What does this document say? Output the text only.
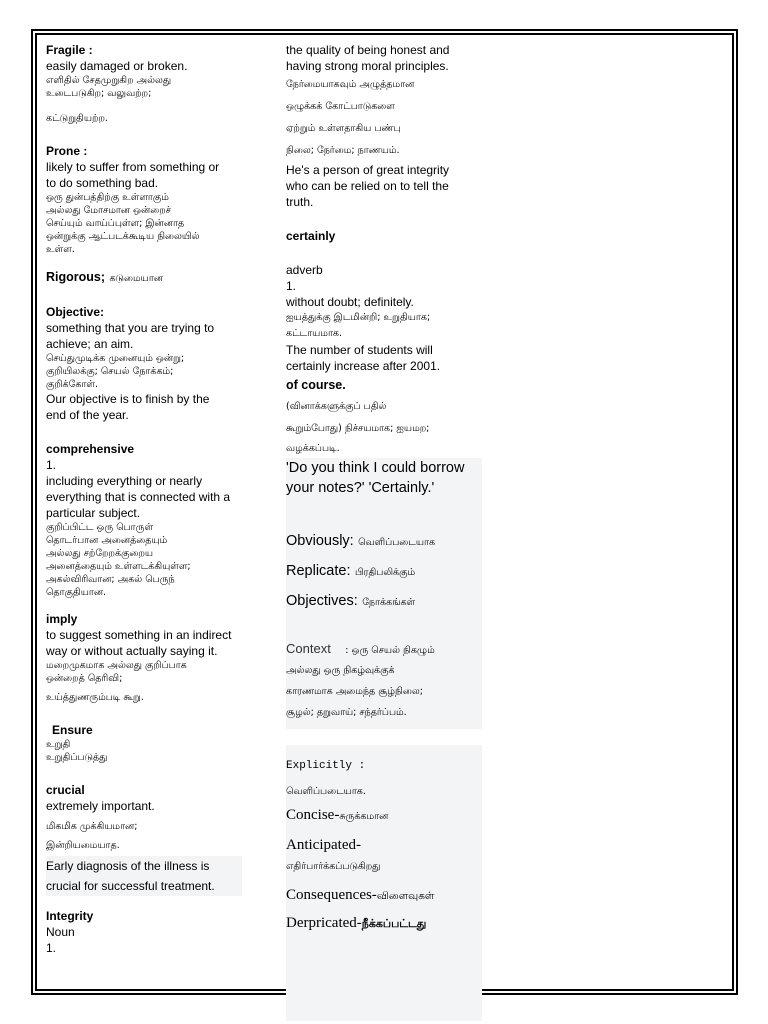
Fragile :
easily damaged or broken.
எளிதில் சேதமுறுகிற அல்லது
உடைபடுகிற; வலுவற்ற;
கட்டுறுதியற்ற.
Prone :
likely to suffer from something or
to do something bad.
ஒரு துன்பத்திற்கு உள்ளாகும்
அல்லது மோசமான ஒன்றைச்
செய்யும் வாய்ப்புள்ள; இன்னாத
ஒன்றுக்கு ஆட்படக்கூடிய நிலையில்
உள்ள.
Rigorous; கடுமையான
Objective:
something that you are trying to
achieve; an aim.
செய்துமுடிக்க முனையும் ஒன்று;
குறியிலக்கு; செயல் நோக்கம்;
குறிக்கோள்.
Our objective is to finish by the
end of the year.
comprehensive
1.
including everything or nearly
everything that is connected with a
particular subject.
குறிப்பிட்ட ஒரு பொருள்
தொடர்பான அனைத்தையும்
அல்லது சற்றேறக்குறைய
அனைத்தையும் உள்ளடக்கியுள்ள;
அகல்விரிவான; அகல் பெருந்
தொகுதியான.
imply
to suggest something in an indirect
way or without actually saying it.
மறைமுகமாக அல்லது குறிப்பாக
ஒன்றைத் தெரிவி;
உய்த்துணரும்படி கூறு.
Ensure
உறுதி
உறுதிப்படுத்து
crucial
extremely important.
மிகமிக முக்கியமான;
இன்றியமையாத.
Early diagnosis of the illness is
crucial for successful treatment.
Integrity
Noun
1.
the quality of being honest and
having strong moral principles.
நேர்மையாகவும் அழுத்தமான
ஒழுக்கக் கோட்பாடுகளை
ஏற்றும் உள்ளதாகிய பண்பு
நிலை; நேர்மை; நாணயம்.
He's a person of great integrity
who can be relied on to tell the
truth.
certainly
adverb
1.
without doubt; definitely.
ஐயத்துக்கு இடமின்றி; உறுதியாக;
கட்டாயமாக.
The number of students will
certainly increase after 2001.
of course.
(வினாக்களுக்குப் பதில்
கூறும்போது) நிச்சயமாக; ஐயமற;
வழக்கப்படி.
'Do you think I could borrow
your notes?' 'Certainly.'
Obviously: வெளிப்படையாக
Replicate: பிரதிபலிக்கும்
Objectives: நோக்கங்கள்
Context : ஒரு செயல் நிகழும்
அல்லது ஒரு நிகழ்வுக்குக்
காரணமாக அமைந்த சூழ்நிலை;
சூழல்; தறுவாய்; சந்தர்ப்பம்.
Explicitly :
வெளிப்படையாக.
Concise-சுருக்கமான
Anticipated-
எதிர்பார்க்கப்படுகிறது
Consequences-விளைவுகள்
Derpricated-நீக்கப்பட்டது
